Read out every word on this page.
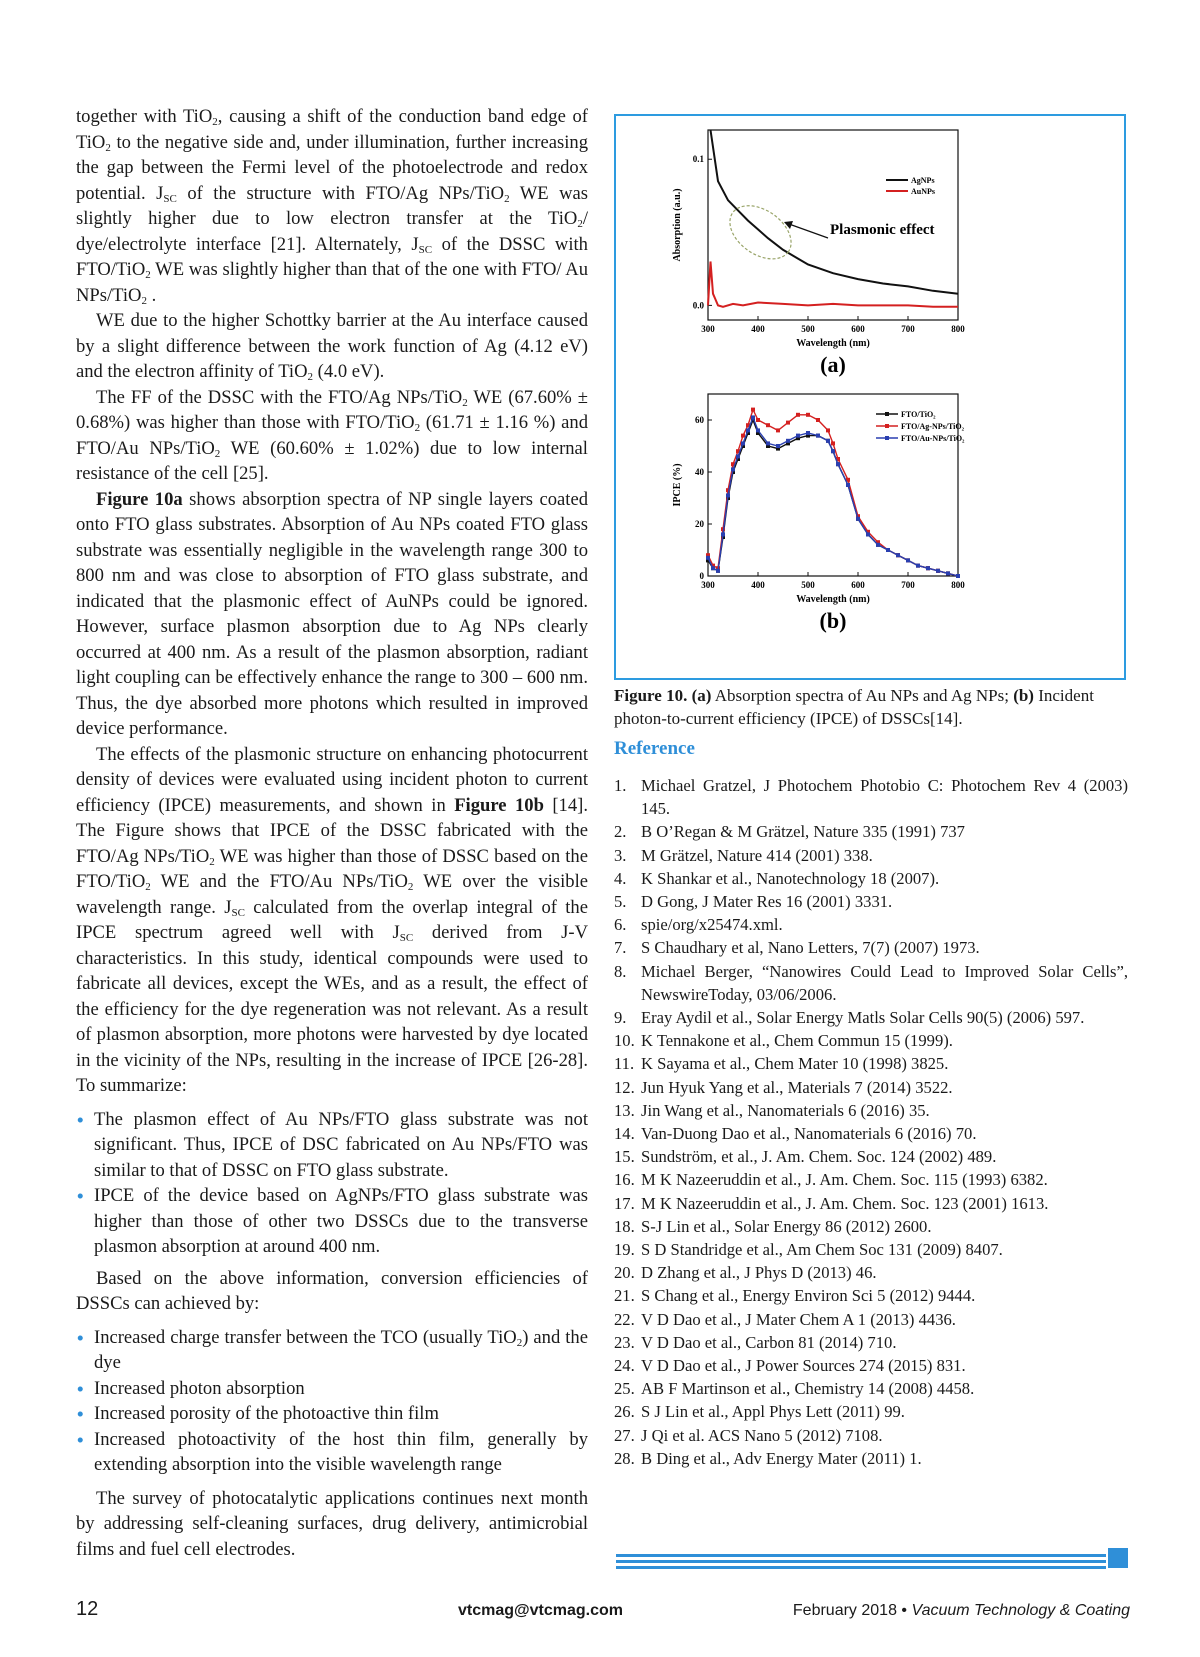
together with TiO$_2$, causing a shift of the conduction band edge of TiO$_2$ to the negative side and, under illumination, further increasing the gap between the Fermi level of the photoelectrode and redox potential. $J_{SC}$ of the structure with FTO/Ag NPs/TiO$_2$ WE was slightly higher due to low electron transfer at the TiO$_2$/ dye/electrolyte interface [21]. Alternately, $J_{SC}$ of the DSSC with FTO/TiO$_2$ WE was slightly higher than that of the one with FTO/ Au NPs/TiO$_2$ .

WE due to the higher Schottky barrier at the Au interface caused by a slight difference between the work function of Ag (4.12 eV) and the electron affinity of TiO$_2$ (4.0 eV).

The FF of the DSSC with the FTO/Ag NPs/TiO$_2$ WE (67.60% ± 0.68%) was higher than those with FTO/TiO$_2$ (61.71 ± 1.16 %) and FTO/Au NPs/TiO$_2$ WE (60.60% ± 1.02%) due to low internal resistance of the cell [25].

Figure 10a shows absorption spectra of NP single layers coated onto FTO glass substrates. Absorption of Au NPs coated FTO glass substrate was essentially negligible in the wavelength range 300 to 800 nm and was close to absorption of FTO glass substrate, and indicated that the plasmonic effect of AuNPs could be ignored. However, surface plasmon absorption due to Ag NPs clearly occurred at 400 nm. As a result of the plasmon absorption, radiant light coupling can be effectively enhance the range to 300 – 600 nm. Thus, the dye absorbed more photons which resulted in improved device performance.

The effects of the plasmonic structure on enhancing photocurrent density of devices were evaluated using incident photon to current efficiency (IPCE) measurements, and shown in Figure 10b [14]. The Figure shows that IPCE of the DSSC fabricated with the FTO/Ag NPs/TiO$_2$ WE was higher than those of DSSC based on the FTO/TiO$_2$ WE and the FTO/Au NPs/TiO$_2$ WE over the visible wavelength range. $J_{SC}$ calculated from the overlap integral of the IPCE spectrum agreed well with $J_{SC}$ derived from J-V characteristics. In this study, identical compounds were used to fabricate all devices, except the WEs, and as a result, the effect of the efficiency for the dye regeneration was not relevant. As a result of plasmon absorption, more photons were harvested by dye located in the vicinity of the NPs, resulting in the increase of IPCE [26-28]. To summarize:

• The plasmon effect of Au NPs/FTO glass substrate was not significant. Thus, IPCE of DSC fabricated on Au NPs/FTO was similar to that of DSSC on FTO glass substrate.
• IPCE of the device based on AgNPs/FTO glass substrate was higher than those of other two DSSCs due to the transverse plasmon absorption at around 400 nm.

Based on the above information, conversion efficiencies of DSSCs can achieved by:

• Increased charge transfer between the TCO (usually TiO$_2$) and the dye
• Increased photon absorption
• Increased porosity of the photoactive thin film
• Increased photoactivity of the host thin film, generally by extending absorption into the visible wavelength range

The survey of photocatalytic applications continues next month by addressing self-cleaning surfaces, drug delivery, antimicrobial films and fuel cell electrodes.

300	400	500	600	700	800
0.0
0.1
Absorption (a.u.)
Wavelength (nm)
(a)
AgNPs
AuNPs
Plasmonic effect
300	400	500	600	700	800
0
20
40
60
IPCE (%)
Wavelength (nm)
(b)
FTO/TiO₂
FTO/Ag-NPs/TiO₂
FTO/Au-NPs/TiO₂
Figure 10. (a) Absorption spectra of Au NPs and Ag NPs; (b) Incident photon-to-current efficiency (IPCE) of DSSCs[14].
Reference
1. Michael Gratzel, J Photochem Photobio C: Photochem Rev 4 (2003) 145.
2. B O’Regan & M Grätzel, Nature 335 (1991) 737
3. M Grätzel, Nature 414 (2001) 338.
4. K Shankar et al., Nanotechnology 18 (2007).
5. D Gong, J Mater Res 16 (2001) 3331.
6. spie/org/x25474.xml.
7. S Chaudhary et al, Nano Letters, 7(7) (2007) 1973.
8. Michael Berger, “Nanowires Could Lead to Improved Solar Cells”, NewswireToday, 03/06/2006.
9. Eray Aydil et al., Solar Energy Matls Solar Cells 90(5) (2006) 597.
10. K Tennakone et al., Chem Commun 15 (1999).
11. K Sayama et al., Chem Mater 10 (1998) 3825.
12. Jun Hyuk Yang et al., Materials 7 (2014) 3522.
13. Jin Wang et al., Nanomaterials 6 (2016) 35.
14. Van-Duong Dao et al., Nanomaterials 6 (2016) 70.
15. Sundström, et al., J. Am. Chem. Soc. 124 (2002) 489.
16. M K Nazeeruddin et al., J. Am. Chem. Soc. 115 (1993) 6382.
17. M K Nazeeruddin et al., J. Am. Chem. Soc. 123 (2001) 1613.
18. S-J Lin et al., Solar Energy 86 (2012) 2600.
19. S D Standridge et al., Am Chem Soc 131 (2009) 8407.
20. D Zhang et al., J Phys D (2013) 46.
21. S Chang et al., Energy Environ Sci 5 (2012) 9444.
22. V D Dao et al., J Mater Chem A 1 (2013) 4436.
23. V D Dao et al., Carbon 81 (2014) 710.
24. V D Dao et al., J Power Sources 274 (2015) 831.
25. AB F Martinson et al., Chemistry 14 (2008) 4458.
26. S J Lin et al., Appl Phys Lett (2011) 99.
27. J Qi et al. ACS Nano 5 (2012) 7108.
28. B Ding et al., Adv Energy Mater (2011) 1.
12	vtcmag@vtcmag.com	February 2018 • Vacuum Technology & Coating
